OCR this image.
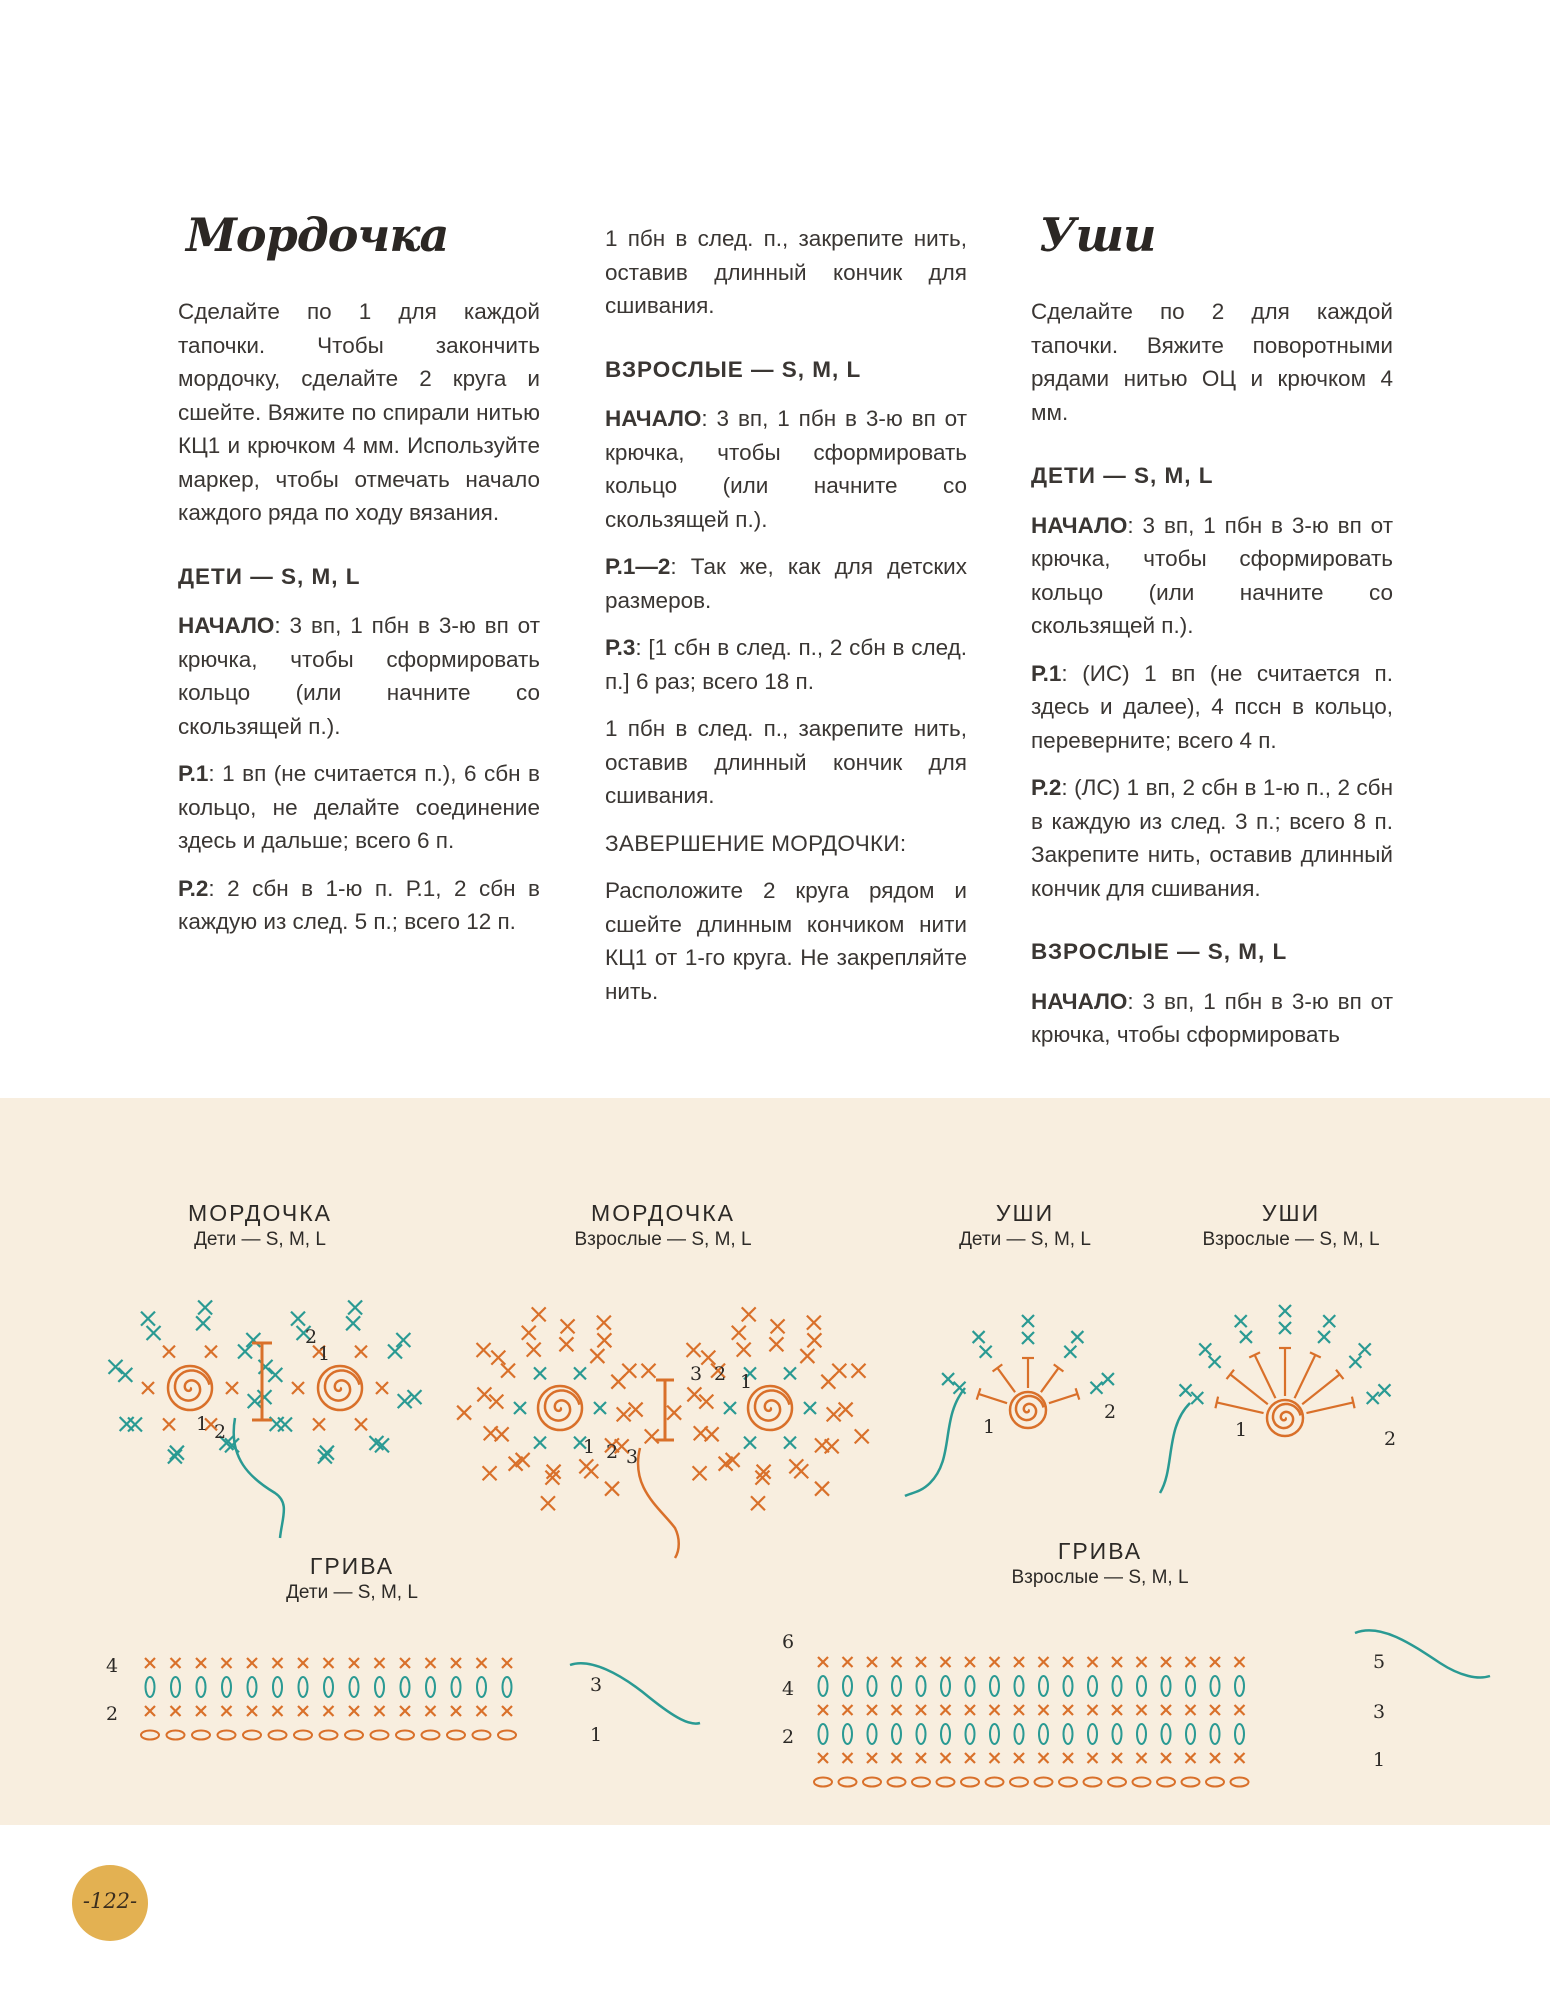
Мордочка

Сделайте по 1 для каждой тапочки. Чтобы закончить мордочку, сделайте 2 круга и сшейте. Вяжите по спирали нитью КЦ1 и крючком 4 мм. Используйте маркер, чтобы отмечать начало каждого ряда по ходу вязания.

ДЕТИ — S, M, L

НАЧАЛО: 3 вп, 1 пбн в 3-ю вп от крючка, чтобы сформировать кольцо (или начните со скользящей п.).

Р.1: 1 вп (не считается п.), 6 сбн в кольцо, не делайте соединение здесь и дальше; всего 6 п.

Р.2: 2 сбн в 1-ю п. Р.1, 2 сбн в каждую из след. 5 п.; всего 12 п.

1 пбн в след. п., закрепите нить, оставив длинный кончик для сшивания.

ВЗРОСЛЫЕ — S, M, L

НАЧАЛО: 3 вп, 1 пбн в 3-ю вп от крючка, чтобы сформировать кольцо (или начните со скользящей п.).

Р.1—2: Так же, как для детских размеров.

Р.3: [1 сбн в след. п., 2 сбн в след. п.] 6 раз; всего 18 п.

1 пбн в след. п., закрепите нить, оставив длинный кончик для сшивания.

ЗАВЕРШЕНИЕ МОРДОЧКИ:

Расположите 2 круга рядом и сшейте длинным кончиком нити КЦ1 от 1-го круга. Не закрепляйте нить.

Уши

Сделайте по 2 для каждой тапочки. Вяжите поворотными рядами нитью ОЦ и крючком 4 мм.

ДЕТИ — S, M, L

НАЧАЛО: 3 вп, 1 пбн в 3-ю вп от крючка, чтобы сформировать кольцо (или начните со скользящей п.).

Р.1: (ИС) 1 вп (не считается п. здесь и далее), 4 пссн в кольцо, переверните; всего 4 п.

Р.2: (ЛС) 1 вп, 2 сбн в 1-ю п., 2 сбн в каждую из след. 3 п.; всего 8 п. Закрепите нить, оставив длинный кончик для сшивания.

ВЗРОСЛЫЕ — S, M, L

НАЧАЛО: 3 вп, 1 пбн в 3-ю вп от крючка, чтобы сформировать

МОРДОЧКА
Дети — S, M, L
МОРДОЧКА
Взрослые — S, M, L
УШИ
Дети — S, M, L
УШИ
Взрослые — S, M, L
ГРИВА
Дети — S, M, L
ГРИВА
Взрослые — S, M, L
2
1
1 2
3 2 1
1 2 3
1
2
1	2
4
3
2
1
6
5
4
3
2
1
-122-
